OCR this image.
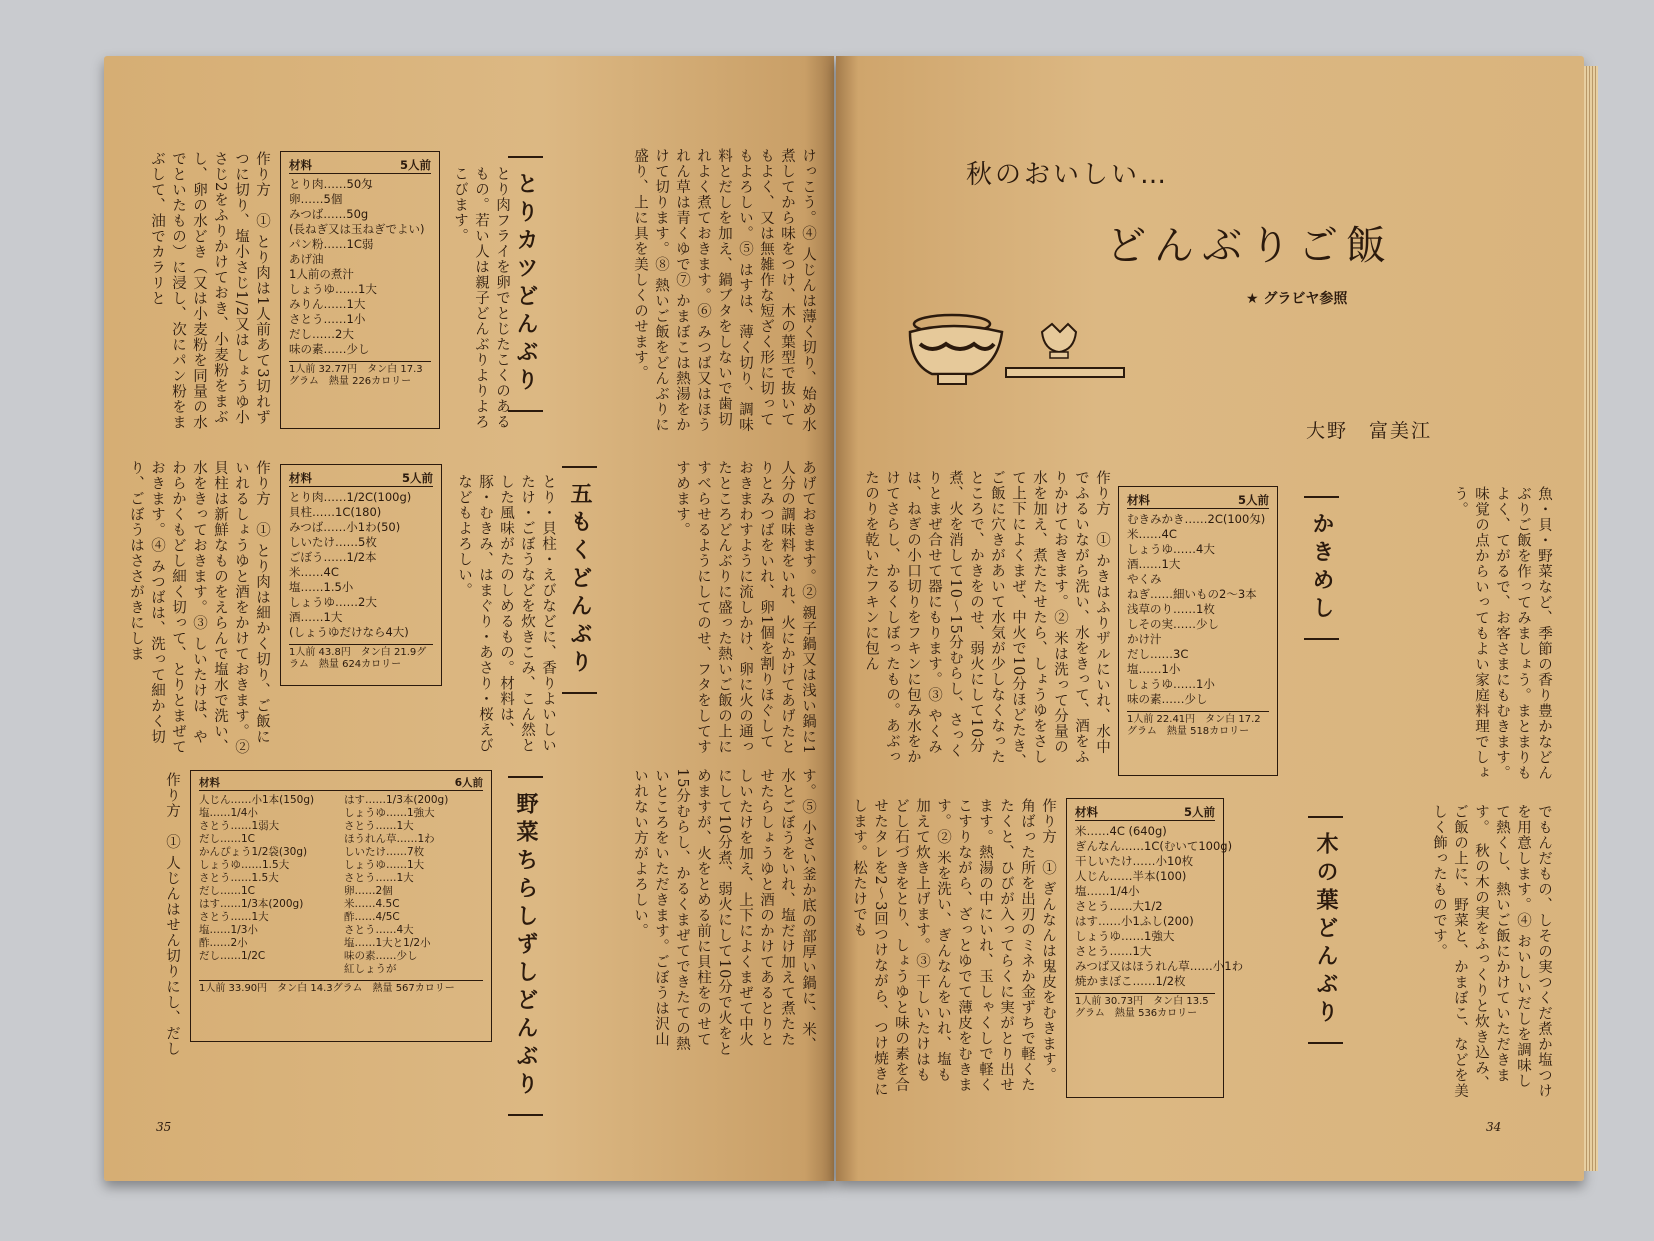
けっこう。④ 人じんは薄く切り、始め水煮してから味をつけ、木の葉型で抜いてもよく、又は無雑作な短ざく形に切ってもよろしい。⑤ はすは、薄く切り、調味料とだしを加え、鍋ブタをしないで歯切れよく煮ておきます。⑥ みつば又はほうれん草は青くゆで⑦ かまぼこは熱湯をかけて切ります。⑧ 熱いご飯をどんぶりに盛り、上に具を美しくのせます。
とりカツどんぶり
とり肉フライを卵でとじたこくのあるもの。若い人は親子どんぶりよりよろこびます。
材料	5人前
とり肉……50匁
卵……5個
みつば……50g
(長ねぎ又は玉ねぎでよい)
パン粉……1C弱
あげ油
1人前の煮汁
しょうゆ……1大
みりん……1大
さとう……1小
だし……2大
味の素……少し
1人前 32.77円　タン白 17.3グラム　熱量 226カロリー
作り方　① とり肉は1人前あて3切れずつに切り、塩小さじ1/2又はしょうゆ小さじ2をふりかけておき、小麦粉をまぶし、卵の水どき（又は小麦粉を同量の水でといたもの）に浸し、次にパン粉をまぶして、油でカラリと
あげておきます。② 親子鍋又は浅い鍋に1人分の調味料をいれ、火にかけてあげたとりとみつばをいれ、卵1個を割りほぐしておきまわすように流しかけ、卵に火の通ったところどんぶりに盛った熱いご飯の上にすべらせるようにしてのせ、フタをしてすすめます。
五もくどんぶり
とり・貝柱・えびなどに、香りよいしいたけ・ごぼうなどを炊きこみ、こん然とした風味がたのしめるもの。材料は、豚・むきみ、はまぐり・あさり・桜えびなどもよろしい。
材料	5人前
とり肉……1/2C(100g)
貝柱……1C(180)
みつば……小1わ(50)
しいたけ……5枚
ごぼう……1/2本
米……4C
塩……1.5小
しょうゆ……2大
酒……1大
(しょうゆだけなら4大)
1人前 43.8円　タン白 21.9グラム　熱量 624カロリー
作り方　① とり肉は細かく切り、ご飯にいれるしょうゆと酒をかけておきます。② 貝柱は新鮮なものをえらんで塩水で洗い、水をきっておきます。③ しいたけは、やわらかくもどし細く切って、とりとまぜておきます。④ みつばは、洗って細かく切り、ごぼうはささがきにしま
す。⑤ 小さい釜か底の部厚い鍋に、米、水とごぼうをいれ、塩だけ加えて煮たたせたらしょうゆと酒のかけてあるとりとしいたけを加え、上下によくまぜて中火にして10分煮、弱火にして10分で火をとめますが、火をとめる前に貝柱をのせて15分むらし、かるくまぜてできたての熱いところをいただきます。ごぼうは沢山いれない方がよろしい。
野菜ちらしずしどんぶり
材料	6人前
人じん……小1本(150g)
塩……1/4小
さとう……1弱大
だし……1C
かんぴょう1/2袋(30g)
しょうゆ……1.5大
さとう……1.5大
だし……1C
はす……1/3本(200g)
さとう……1大
塩……1/3小
酢……2小
だし……1/2C
はす……1/3本(200g)
しょうゆ……1強大
さとう……1大
ほうれん草……1わ
しいたけ……7枚
しょうゆ……1大
さとう……1大
卵……2個
米……4.5C
酢……4/5C
さとう……4大
塩……1大と1/2小
味の素……少し
紅しょうが
1人前 33.90円　タン白 14.3グラム　熱量 567カロリー
作り方　① 人じんはせん切りにし、だし
35
秋のおいしい…
どんぶりご飯
★ グラビヤ参照
大野　富美江
魚・貝・野菜など、季節の香り豊かなどんぶりご飯を作ってみましょう。まとまりもよく、てがるで、お客さまにもむきます。味覚の点からいってもよい家庭料理でしょう。
かきめし
材料	5人前
むきみかき……2C(100匁)
米……4C
しょうゆ……4大
酒……1大
やくみ
ねぎ……細いもの2〜3本
浅草のり……1枚
しその実……少し
かけ汁
だし……3C
塩……1小
しょうゆ……1小
味の素……少し
1人前 22.41円　タン白 17.2グラム　熱量 518カロリー
作り方　① かきはふりザルにいれ、水中でふるいながら洗い、水をきって、酒をふりかけておきます。② 米は洗って分量の水を加え、煮たたせたら、しょうゆをさして上下によくまぜ、中火で10分ほどたき、ご飯に穴きがあいて水気が少しなくなったところで、かきをのせ、弱火にして10分煮、火を消して10〜15分むらし、さっくりとまぜ合せて器にもります。③ やくみは、ねぎの小口切りをフキンに包み水をかけてさらし、かるくしぼったもの。あぶったのりを乾いたフキンに包ん
でもんだもの、しその実つくだ煮か塩つけを用意します。④ おいしいだしを調味して熱くし、熱いご飯にかけていただきます。　秋の木の実をふっくりと炊き込み、ご飯の上に、野菜と、かまぼこ、などを美しく飾ったものです。
木の葉どんぶり
材料	5人前
米……4C (640g)
ぎんなん……1C(むいて100g)
干しいたけ……小10枚
人じん……半本(100)
塩……1/4小
さとう……大1/2
はす……小1ふし(200)
しょうゆ……1強大
さとう……1大
みつば又はほうれん草……小1わ
焼かまぼこ……1/2枚
1人前 30.73円　タン白 13.5グラム　熱量 536カロリー
作り方　① ぎんなんは鬼皮をむきます。角ばった所を出刃のミネか金ずちで軽くたたくと、ひびが入ってらくに実がとり出せます。熱湯の中にいれ、玉しゃくしで軽くこすりながら、ざっとゆでて薄皮をむきます。② 米を洗い、ぎんなんをいれ、塩も加えて炊き上げます。③ 干しいたけはもどし石づきをとり、しょうゆと味の素を合せたタレを2〜3回つけながら、つけ焼きにします。松たけでも
34
